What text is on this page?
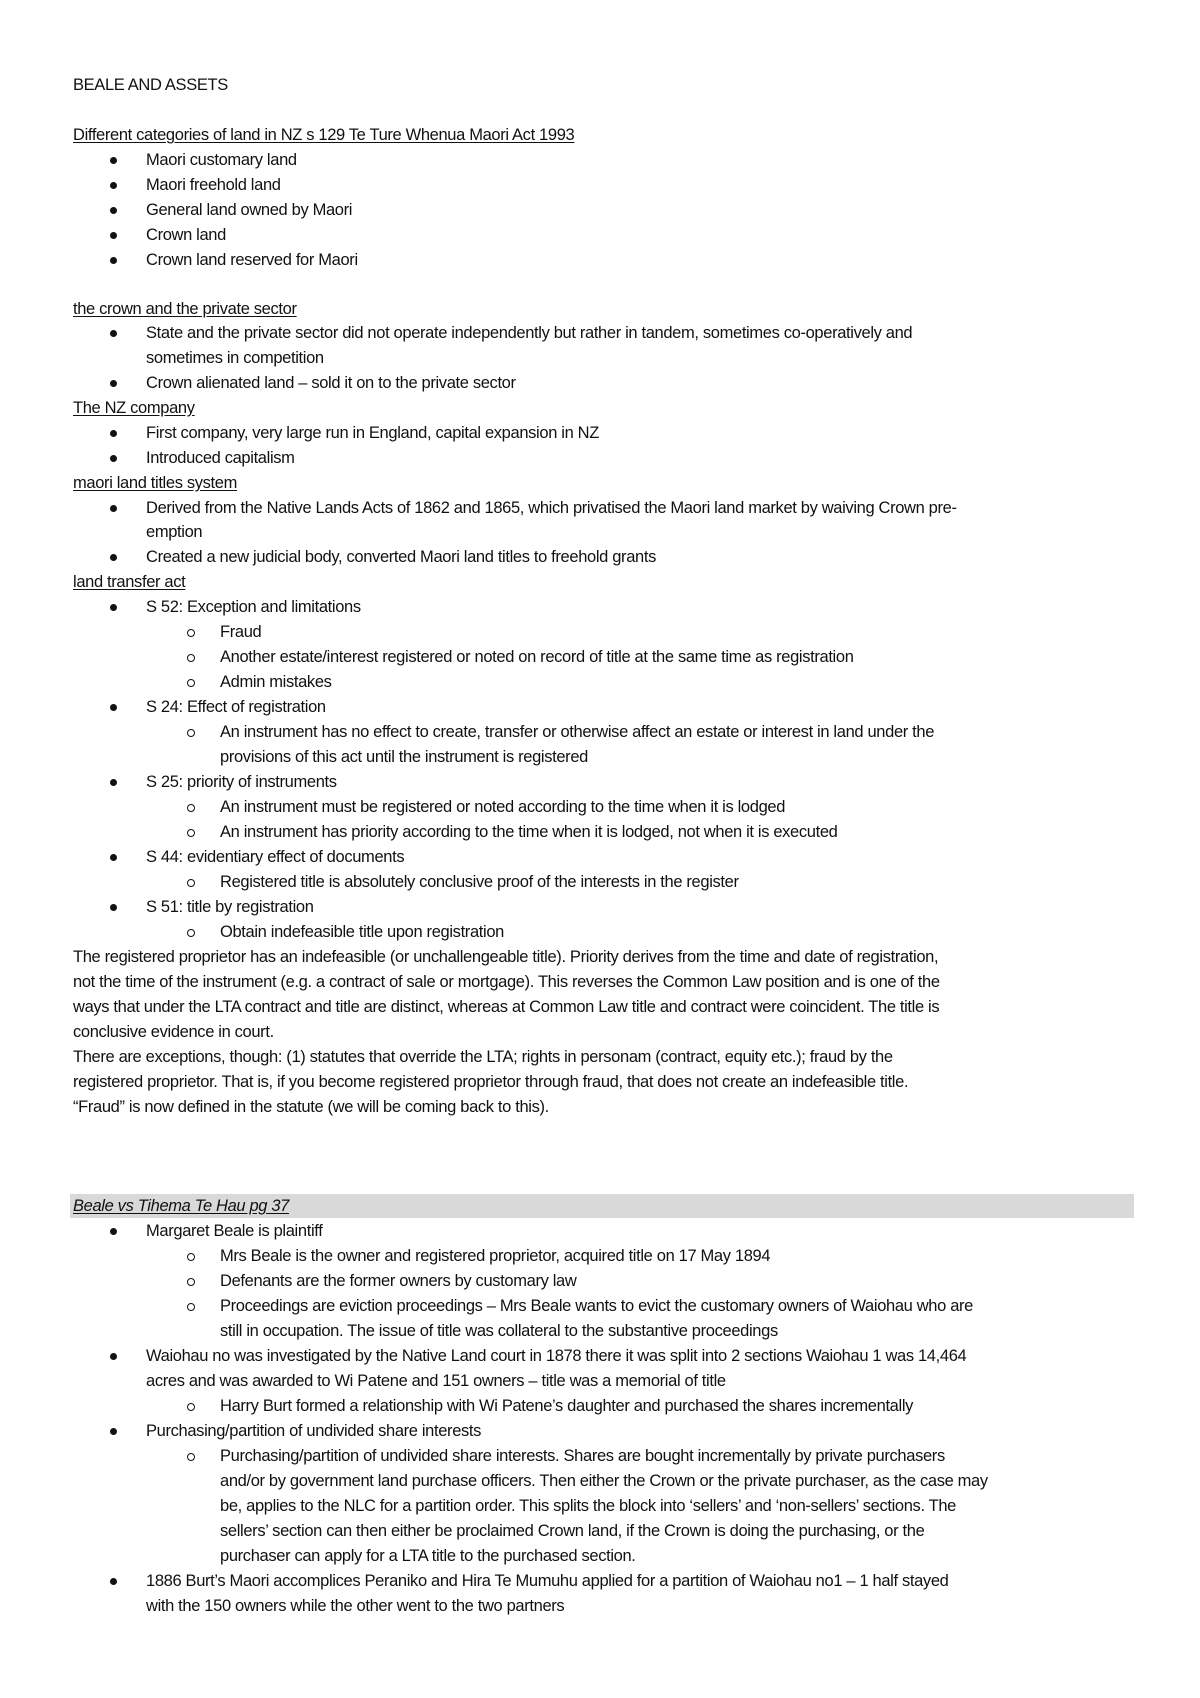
BEALE AND ASSETS
Different categories of land in NZ s 129 Te Ture Whenua Maori Act 1993
Maori customary land
Maori freehold land
General land owned by Maori
Crown land
Crown land reserved for Maori
the crown and the private sector
State and the private sector did not operate independently but rather in tandem, sometimes co-operatively and
sometimes in competition
Crown alienated land – sold it on to the private sector
The NZ company
First company, very large run in England, capital expansion in NZ
Introduced capitalism
maori land titles system
Derived from the Native Lands Acts of 1862 and 1865, which privatised the Maori land market by waiving Crown pre-
emption
Created a new judicial body, converted Maori land titles to freehold grants
land transfer act
S 52: Exception and limitations
Fraud
Another estate/interest registered or noted on record of title at the same time as registration
Admin mistakes
S 24: Effect of registration
An instrument has no effect to create, transfer or otherwise affect an estate or interest in land under the
provisions of this act until the instrument is registered
S 25: priority of instruments
An instrument must be registered or noted according to the time when it is lodged
An instrument has priority according to the time when it is lodged, not when it is executed
S 44: evidentiary effect of documents
Registered title is absolutely conclusive proof of the interests in the register
S 51: title by registration
Obtain indefeasible title upon registration
The registered proprietor has an indefeasible (or unchallengeable title). Priority derives from the time and date of registration,
not the time of the instrument (e.g. a contract of sale or mortgage). This reverses the Common Law position and is one of the
ways that under the LTA contract and title are distinct, whereas at Common Law title and contract were coincident. The title is
conclusive evidence in court.
There are exceptions, though: (1) statutes that override the LTA; rights in personam (contract, equity etc.); fraud by the
registered proprietor. That is, if you become registered proprietor through fraud, that does not create an indefeasible title.
“Fraud” is now defined in the statute (we will be coming back to this).
Beale vs Tihema Te Hau pg 37
Margaret Beale is plaintiff
Mrs Beale is the owner and registered proprietor, acquired title on 17 May 1894
Defenants are the former owners by customary law
Proceedings are eviction proceedings – Mrs Beale wants to evict the customary owners of Waiohau who are
still in occupation. The issue of title was collateral to the substantive proceedings
Waiohau no was investigated by the Native Land court in 1878 there it was split into 2 sections Waiohau 1 was 14,464
acres and was awarded to Wi Patene and 151 owners – title was a memorial of title
Harry Burt formed a relationship with Wi Patene’s daughter and purchased the shares incrementally
Purchasing/partition of undivided share interests
Purchasing/partition of undivided share interests. Shares are bought incrementally by private purchasers
and/or by government land purchase officers. Then either the Crown or the private purchaser, as the case may
be, applies to the NLC for a partition order. This splits the block into ‘sellers’ and ‘non-sellers’ sections. The
sellers’ section can then either be proclaimed Crown land, if the Crown is doing the purchasing, or the
purchaser can apply for a LTA title to the purchased section.
1886 Burt’s Maori accomplices Peraniko and Hira Te Mumuhu applied for a partition of Waiohau no1 – 1 half stayed
with the 150 owners while the other went to the two partners
